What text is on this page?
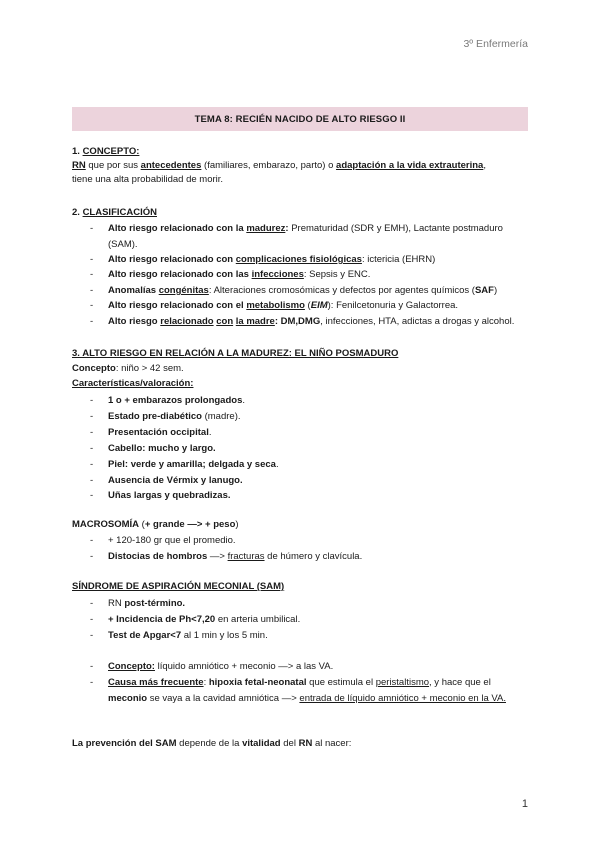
3º Enfermería
TEMA 8: RECIÉN NACIDO DE ALTO RIESGO II
1. CONCEPTO:
RN que por sus antecedentes (familiares, embarazo, parto) o adaptación a la vida extrauterina,
tiene una alta probabilidad de morir.
2. CLASIFICACIÓN
- Alto riesgo relacionado con la madurez: Prematuridad (SDR y EMH), Lactante postmaduro
(SAM).
- Alto riesgo relacionado con complicaciones fisiológicas: ictericia (EHRN)
- Alto riesgo relacionado con las infecciones: Sepsis y ENC.
- Anomalías congénitas: Alteraciones cromosómicas y defectos por agentes químicos (SAF)
- Alto riesgo relacionado con el metabolismo (EIM): Fenilcetonuria y Galactorrea.
- Alto riesgo relacionado con la madre: DM,DMG, infecciones, HTA, adictas a drogas y alcohol.
3. ALTO RIESGO EN RELACIÓN A LA MADUREZ: EL NIÑO POSMADURO
Concepto: niño > 42 sem.
Características/valoración:
- 1 o + embarazos prolongados.
- Estado pre-diabético (madre).
- Presentación occipital.
- Cabello: mucho y largo.
- Piel: verde y amarilla; delgada y seca.
- Ausencia de Vérmix y lanugo.
- Uñas largas y quebradizas.
MACROSOMÍA (+ grande —> + peso)
- + 120-180 gr que el promedio.
- Distocias de hombros —> fracturas de húmero y clavícula.
SÍNDROME DE ASPIRACIÓN MECONIAL (SAM)
- RN post-término.
- + Incidencia de Ph<7,20 en arteria umbilical.
- Test de Apgar<7 al 1 min y los 5 min.
- Concepto: líquido amniótico + meconio —> a las VA.
- Causa más frecuente: hipoxia fetal-neonatal que estimula el peristaltismo, y hace que el
meconio se vaya a la cavidad amniótica —> entrada de líquido amniótico + meconio en la VA.
La prevención del SAM depende de la vitalidad del RN al nacer:
1
